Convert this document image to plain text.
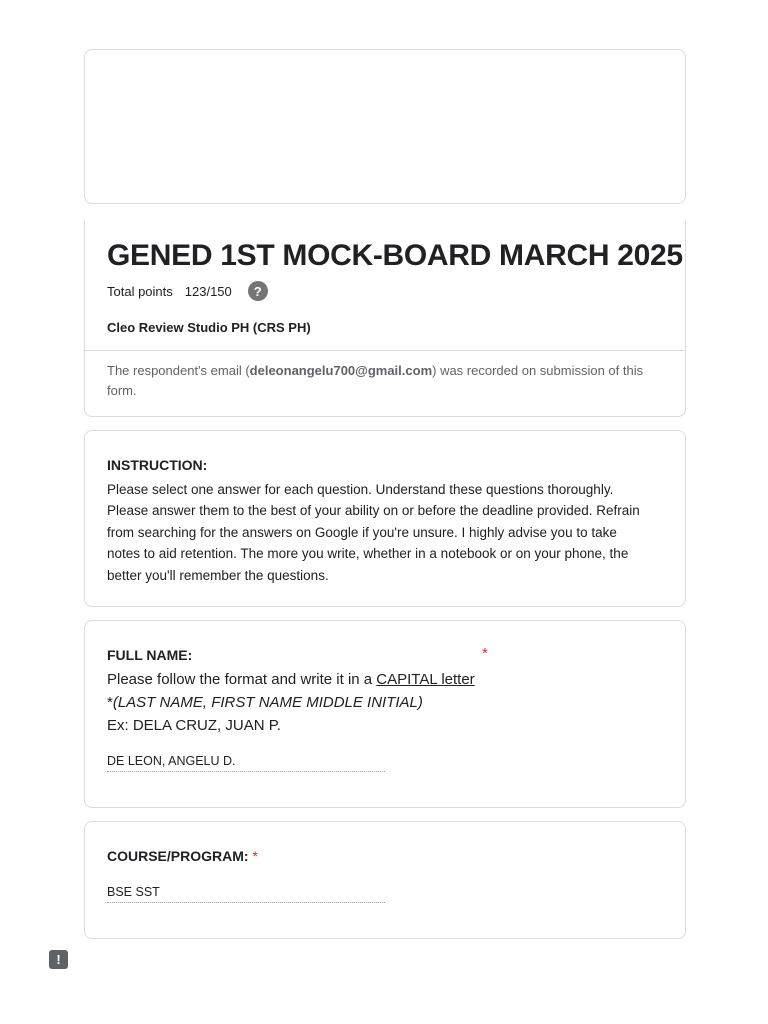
GENED 1ST MOCK-BOARD MARCH 2025
Total points 123/150	?
Cleo Review Studio PH (CRS PH)
The respondent's email (deleonangelu700@gmail.com) was recorded on submission of this form.
INSTRUCTION:
Please select one answer for each question. Understand these questions thoroughly. Please answer them to the best of your ability on or before the deadline provided. Refrain from searching for the answers on Google if you're unsure. I highly advise you to take notes to aid retention. The more you write, whether in a notebook or on your phone, the better you'll remember the questions.
FULL NAME:	*
Please follow the format and write it in a CAPITAL letter
*(LAST NAME, FIRST NAME MIDDLE INITIAL)
Ex: DELA CRUZ, JUAN P.
DE LEON, ANGELU D.
COURSE/PROGRAM: *
BSE SST
!
